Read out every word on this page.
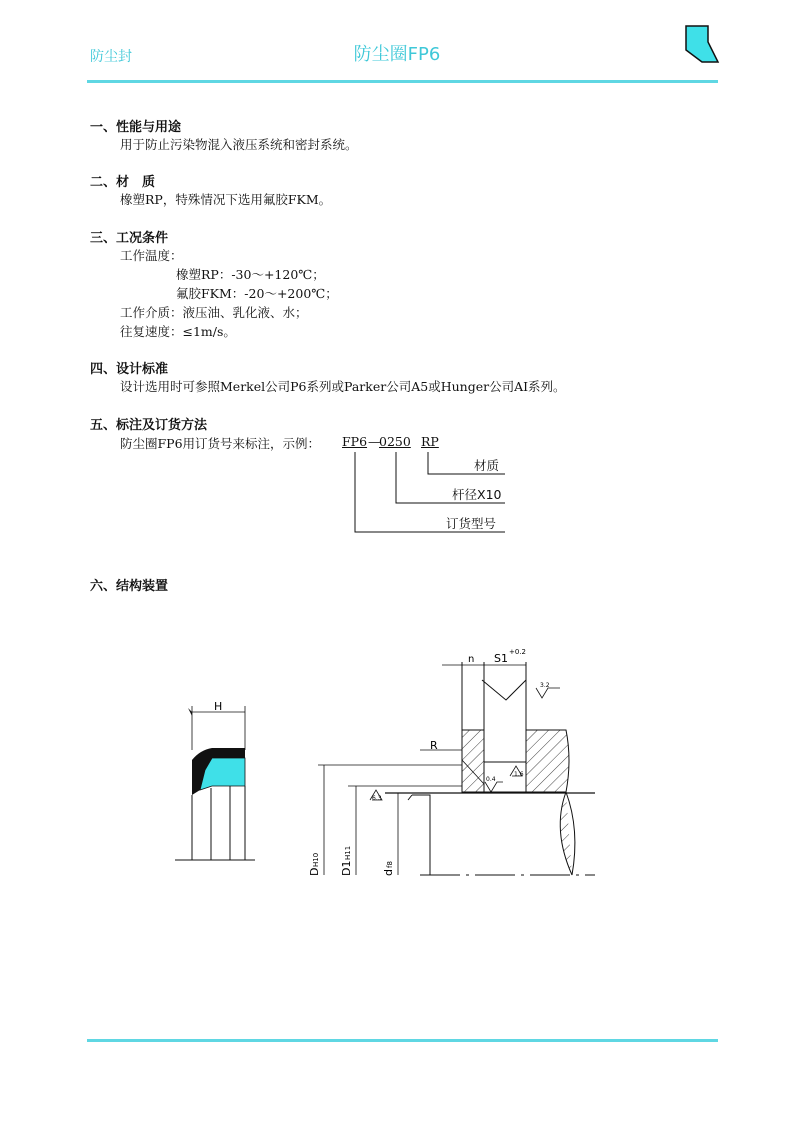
防尘封	防尘圈FP6
一、性能与用途
用于防止污染物混入液压系统和密封系统。
二、材　质
橡塑RP，特殊情况下选用氟胶FKM。
三、工况条件
工作温度：
橡塑RP：-30～+120℃；
氟胶FKM：-20～+200℃；
工作介质：液压油、乳化液、水；
往复速度：≤1m/s。
四、设计标准
设计选用时可参照Merkel公司P6系列或Parker公司A5或Hunger公司AI系列。
五、标注及订货方法
防尘圈FP6用订货号来标注，示例： FP6 —
0250 RP
材质
杆径X10
订货型号
六、结构装置
H
n S1 +0.2
R
3.2
0.4
1.6
6.3
D
H10
D1
H11
d
f8
